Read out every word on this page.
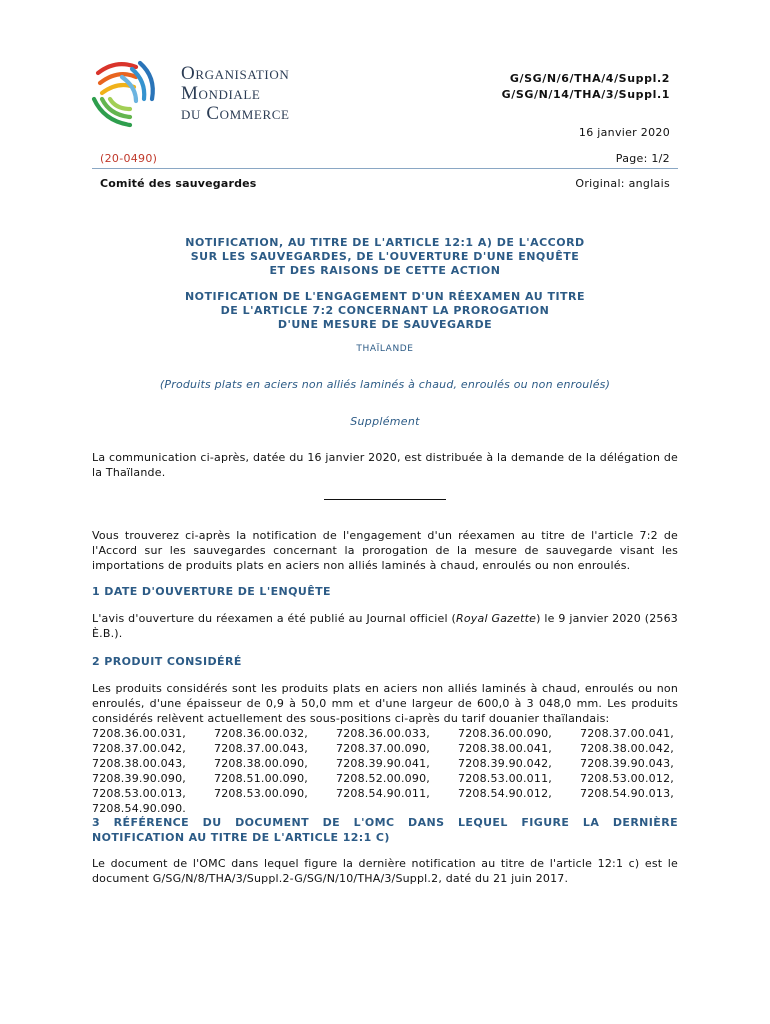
Organisation
Mondiale
du Commerce
G/SG/N/6/THA/4/Suppl.2
G/SG/N/14/THA/3/Suppl.1
16 janvier 2020
(20-0490)	Page: 1/2
Comité des sauvegardes	Original: anglais
NOTIFICATION, AU TITRE DE L'ARTICLE 12:1 A) DE L'ACCORD
SUR LES SAUVEGARDES, DE L'OUVERTURE D'UNE ENQUÊTE
ET DES RAISONS DE CETTE ACTION
NOTIFICATION DE L'ENGAGEMENT D'UN RÉEXAMEN AU TITRE
DE L'ARTICLE 7:2 CONCERNANT LA PROROGATION
D'UNE MESURE DE SAUVEGARDE
THAÏLANDE
(Produits plats en aciers non alliés laminés à chaud, enroulés ou non enroulés)
Supplément
La communication ci-après, datée du 16 janvier 2020, est distribuée à la demande de la délégation de la Thaïlande.
Vous trouverez ci-après la notification de l'engagement d'un réexamen au titre de l'article 7:2 de l'Accord sur les sauvegardes concernant la prorogation de la mesure de sauvegarde visant les importations de produits plats en aciers non alliés laminés à chaud, enroulés ou non enroulés.
1 DATE D'OUVERTURE DE L'ENQUÊTE
L'avis d'ouverture du réexamen a été publié au Journal officiel (Royal Gazette) le 9 janvier 2020 (2563 È.B.).
2 PRODUIT CONSIDÉRÉ
Les produits considérés sont les produits plats en aciers non alliés laminés à chaud, enroulés ou non enroulés, d'une épaisseur de 0,9 à 50,0 mm et d'une largeur de 600,0 à 3 048,0 mm. Les produits considérés relèvent actuellement des sous-positions ci-après du tarif douanier thaïlandais:
7208.36.00.031,	7208.36.00.032,	7208.36.00.033,	7208.36.00.090,	7208.37.00.041,
7208.37.00.042,	7208.37.00.043,	7208.37.00.090,	7208.38.00.041,	7208.38.00.042,
7208.38.00.043,	7208.38.00.090,	7208.39.90.041,	7208.39.90.042,	7208.39.90.043,
7208.39.90.090,	7208.51.00.090,	7208.52.00.090,	7208.53.00.011,	7208.53.00.012,
7208.53.00.013,	7208.53.00.090,	7208.54.90.011,	7208.54.90.012,	7208.54.90.013,
7208.54.90.090.				
3 RÉFÉRENCE DU DOCUMENT DE L'OMC DANS LEQUEL FIGURE LA DERNIÈRE
NOTIFICATION AU TITRE DE L'ARTICLE 12:1 C)
Le document de l'OMC dans lequel figure la dernière notification au titre de l'article 12:1 c) est le document G/SG/N/8/THA/3/Suppl.2-G/SG/N/10/THA/3/Suppl.2, daté du 21 juin 2017.
